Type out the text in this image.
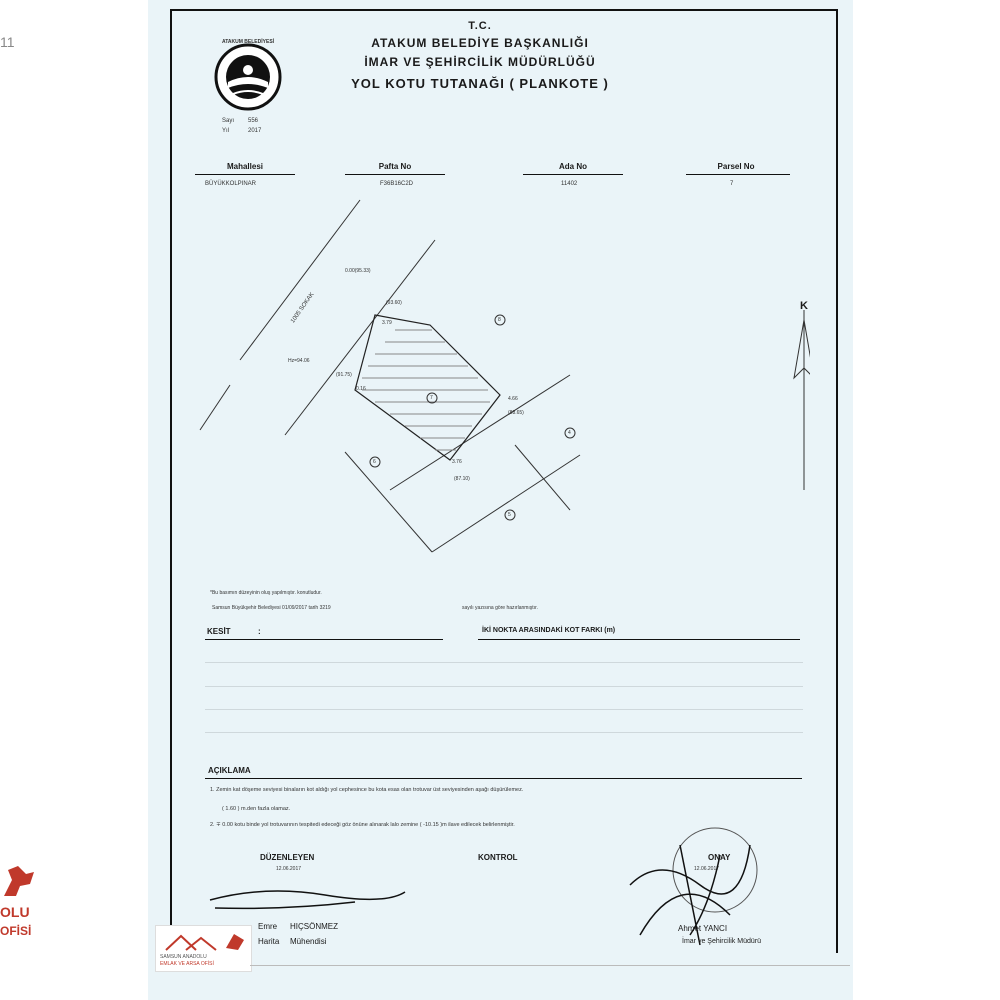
11
OLU
OFİSİ
T.C.
ATAKUM BELEDİYE BAŞKANLIĞI
İMAR VE ŞEHİRCİLİK MÜDÜRLÜĞÜ
YOL KOTU TUTANAĞI ( PLANKOTE )
ATAKUM BELEDİYESİ
Sayı 556
Yıl	2017
Mahallesi
BÜYÜKKOLPINAR
Pafta No
F36B16C2D
Ada No
11402
Parsel No
7
1005 SOKAK
0.00(95.33)
Hz=94.06
(93.60)
3.79
(91.75)
0.16
4.66
(88.65)
3.76
(87.10)
7
8
4
5
6
K
*Bu basımın düzeyinin oluş yapılmıştır. konutludur.
Samsun Büyükşehir Belediyesi 01/09/2017 tarih 3219	sayılı yazısına göre hazırlanmıştır.
KESİT	:	İKİ NOKTA ARASINDAKİ KOT FARKI (m)
AÇIKLAMA
1. Zemin kat döşeme seviyesi binaların kot aldığı yol cephesince bu kota esas olan trotuvar üst seviyesinden aşağı düşürülemez.
( 1.60 ) m.den fazla olamaz.
2. ∓ 0.00 kotu binde yol trotuvarının tespitedi edeceği göz önüne alınarak lalo zemine ( -10.15 )m ilave edilecek belirlenmiştir.
DÜZENLEYEN
12.06.2017
KONTROL	ONAY
12.06.2017
Emre HIÇSÖNMEZ
Harita Mühendisi
Ahmet YANCI
İmar ve Şehircilik Müdürü
SAMSUN ANADOLU
EMLAK VE ARSA OFİSİ
